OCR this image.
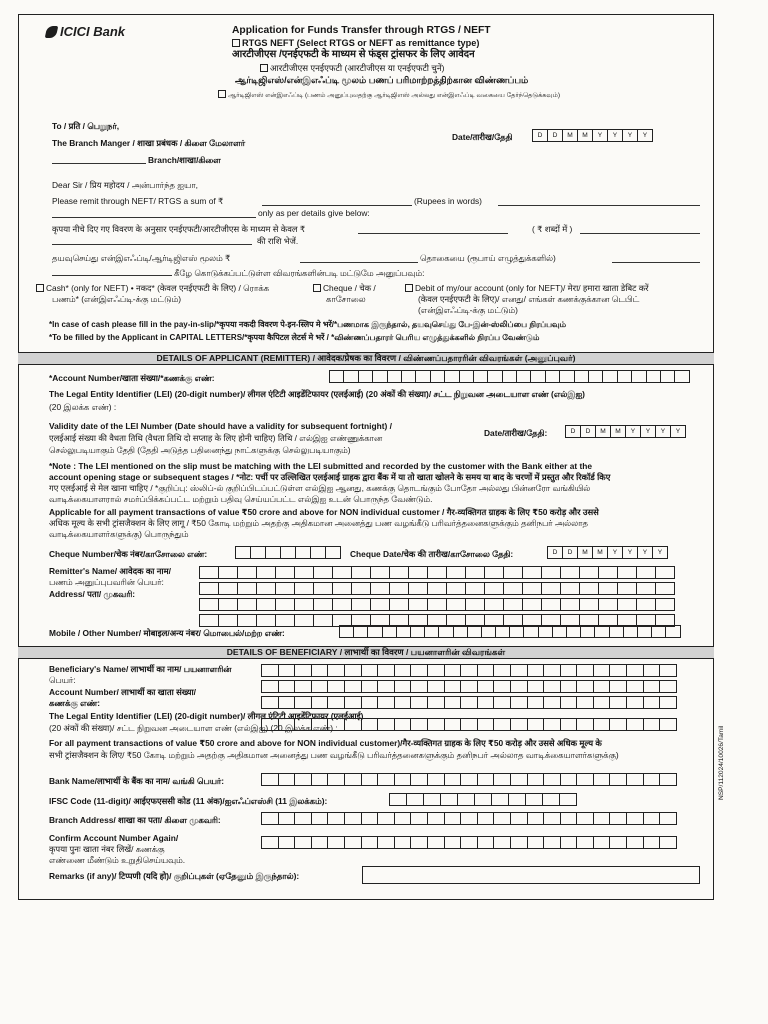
ICICI Bank	Application for Funds Transfer through RTGS / NEFT
RTGS NEFT (Select RTGS or NEFT as remittance type)
आरटीजीएस /एनईएफटी के माध्यम से फंड्स ट्रांसफर के लिए आवेदन
आरटीजीएस एनईएफटी (आरटीजीएस या एनईएफटी चुनें)
ஆர்டிஜிஎஸ்/என்இஎஃப்டி மூலம் பணப் பரிமாற்றத்திற்கான விண்ணப்பம்
ஆர்டிஜிஎஸ் என்இஎஃப்டி (பணம் அனுப்புவதற்கு ஆர்டிஜிஎஸ் அல்லது என்இஎஃப்டி வகையை தேர்ந்தெடுக்கவும்)
To / प्रति / பெறுநர்,
The Branch Manger / शाखा प्रबंधक / கிளை மேலாளர்
Branch/शाखा/கிளை
Date/तारीख/தேதி	D	D	M	M	Y	Y	Y	Y
Dear Sir / प्रिय महोदय / அன்பார்ந்த ஐயா,
Please remit through NEFT/ RTGS a sum of ₹	(Rupees in words)
only as per details give below:
कृपया नीचे दिए गए विवरण के अनुसार एनईएफटी/आरटीजीएस के माध्यम से केवल ₹	( ₹ शब्दों में )
की राशि भेजें.
தயவுசெய்து என்இஎஃப்டி/ஆர்டிஜிஎஸ் மூலம் ₹	தொகையை (ரூபாய் எழுத்துக்களில்)
கீழே கொடுக்கப்பட்டுள்ள விவரங்களின்படி மட்டுமே அனுப்பவும்:
Cash* (only for NEFT) • नकद* (केवल एनईएफटी के लिए) / ரொக்க
பணம்* (என்இஎஃப்டி-க்கு மட்டும்)
Cheque / चेक /
காசோலை
Debit of my/our account (only for NEFT)/ मेरा/ हमारा खाता डेबिट करें
(केवल एनईएफटी के लिए)/ எனது/ எங்கள் கணக்குக்கான டெபிட்
(என்இஎஃப்டி-க்கு மட்டும்)
*In case of cash please fill in the pay-in-slip/*कृपया नकदी विवरण पे-इन-स्लिप मे भरें/*பணமாக இருந்தால், தயவுசெய்து பே-இன்-ஸ்லிப்பை நிரப்பவும்
*To be filled by the Applicant in CAPITAL LETTERS/*कृपया कैपिटल लेटर्स मे भरें / *விண்ணப்பதாரர் பெரிய எழுத்துக்களில் நிரப்ப வேண்டும்
DETAILS OF APPLICANT (REMITTER) / आवेदक/प्रेषक का विवरण / விண்ணப்பதாரரின் விவரங்கள் (அனுப்புவர்)
*Account Number/खाता संख्या/*கணக்கு எண்:
The Legal Entity Identifier (LEI) (20-digit number)/ लीगल एंटिटी आइडेंटिफायर (एलईआई) (20 अंकों की संख्या)/ சட்ட நிறுவன அடையாள எண் (எல்இஐ)
(20 இலக்க எண்) :
Validity date of the LEI Number (Date should have a validity for subsequent fortnight) /
एलईआई संख्या की वैधता तिथि (वैधता तिथि दो सप्ताह के लिए होनी चाहिए) तिथि / எல்இஐ எண்ணுக்கான
செல்லுபடியாகும் தேதி (தேதி அடுத்த பதினைந்து நாட்களுக்கு செல்லுபடியாகும்)
Date/तारीख/தேதி:	D	D	M	M	Y	Y	Y	Y
*Note : The LEI mentioned on the slip must be matching with the LEI submitted and recorded by the customer with the Bank either at the
account opening stage or subsequent stages / *नोट: पर्ची पर उल्लिखित एलईआई ग्राहक द्वारा बैंक में या तो खाता खोलने के समय या बाद के चरणों में प्रस्तुत और रिकॉर्ड किए
गए एलईआई से मेल खाना चाहिए / *குறிப்பு: ஸ்லிப்-ல் குறிப்பிடப்பட்டுள்ள எல்இஐ ஆனது, கணக்கு தொடங்கும் போதோ அல்லது பின்னரோ வங்கியில்
வாடிக்கையாளரால் சமர்ப்பிக்கப்பட்ட மற்றும் பதிவு செய்யப்பட்ட எல்இஐ உடன் பொருந்த வேண்டும்.
Applicable for all payment transactions of value ₹50 crore and above for NON individual customer / गैर-व्यक्तिगत ग्राहक के लिए ₹50 करोड़ और उससे
अधिक मूल्य के सभी ट्रांसजैक्शन के लिए लागू / ₹50 கோடி மற்றும் அதற்கு அதிகமான அனைத்து பண வழங்கீடு பரிவர்த்தனைகளுக்கும் தனிநபர் அல்லாத
வாடிக்கையாளர்களுக்கு) பொருந்தும்
Cheque Number/चेक नंबर/காசோலை எண்:	Cheque Date/चेक की तारीख/காசோலை தேதி:	D	D	M	M	Y	Y	Y	Y
Remitter's Name/ आवेदक का नाम/
பணம் அனுப்புபவரின் பெயர்:
Address/ पता/ முகவரி:
Mobile / Other Number/ मोबाइल/अन्य नंबर/ மொபைல்/மற்ற எண்:
DETAILS OF BENEFICIARY / लाभार्थी का विवरण / பயனாளரின் விவரங்கள்
Beneficiary's Name/ लाभार्थी का नाम/ பயனாளரின்
பெயர்:
Account Number/ लाभार्थी का खाता संख्या/
கணக்கு எண்:
The Legal Entity Identifier (LEI) (20-digit number)/ लीगल एंटिटी आइडेंटिफायर (एलईआई)
(20 अंकों की संख्या)/ சட்ட நிறுவன அடையாள எண் (எல்இஐ) (20 இலக்க எண்) :
For all payment transactions of value ₹50 crore and above for NON individual customer)/गैर-व्यक्तिगत ग्राहक के लिए ₹50 करोड़ और उससे अधिक मूल्य के
सभी ट्रांसजैक्शन के लिए/ ₹50 கோடி மற்றும் அதற்கு அதிகமான அனைத்து பண வழங்கீடு பரிவர்த்தனைகளுக்கும் தனிநபர் அல்லாத வாடிக்கையாளர்களுக்கு)
Bank Name/लाभार्थी के बैंक का नाम/ வங்கி பெயர்:
IFSC Code (11-digit)/ आईएफएससी कोड (11 अंक)/ஐஎஃப்எஸ்சி (11 இலக்கம்):
Branch Address/ शाखा का पता/ கிளை முகவரி:
Confirm Account Number Again/
कृपया पुनः खाता नंबर लिखें/ கணக்கு
எண்ணை மீண்டும் உறுதிசெய்யவும்.
Remarks (if any)/ टिप्पणी (यदि हो)/ குறிப்புகள் (ஏதேனும் இருந்தால்):
NSP/112024/10026/Tamil
